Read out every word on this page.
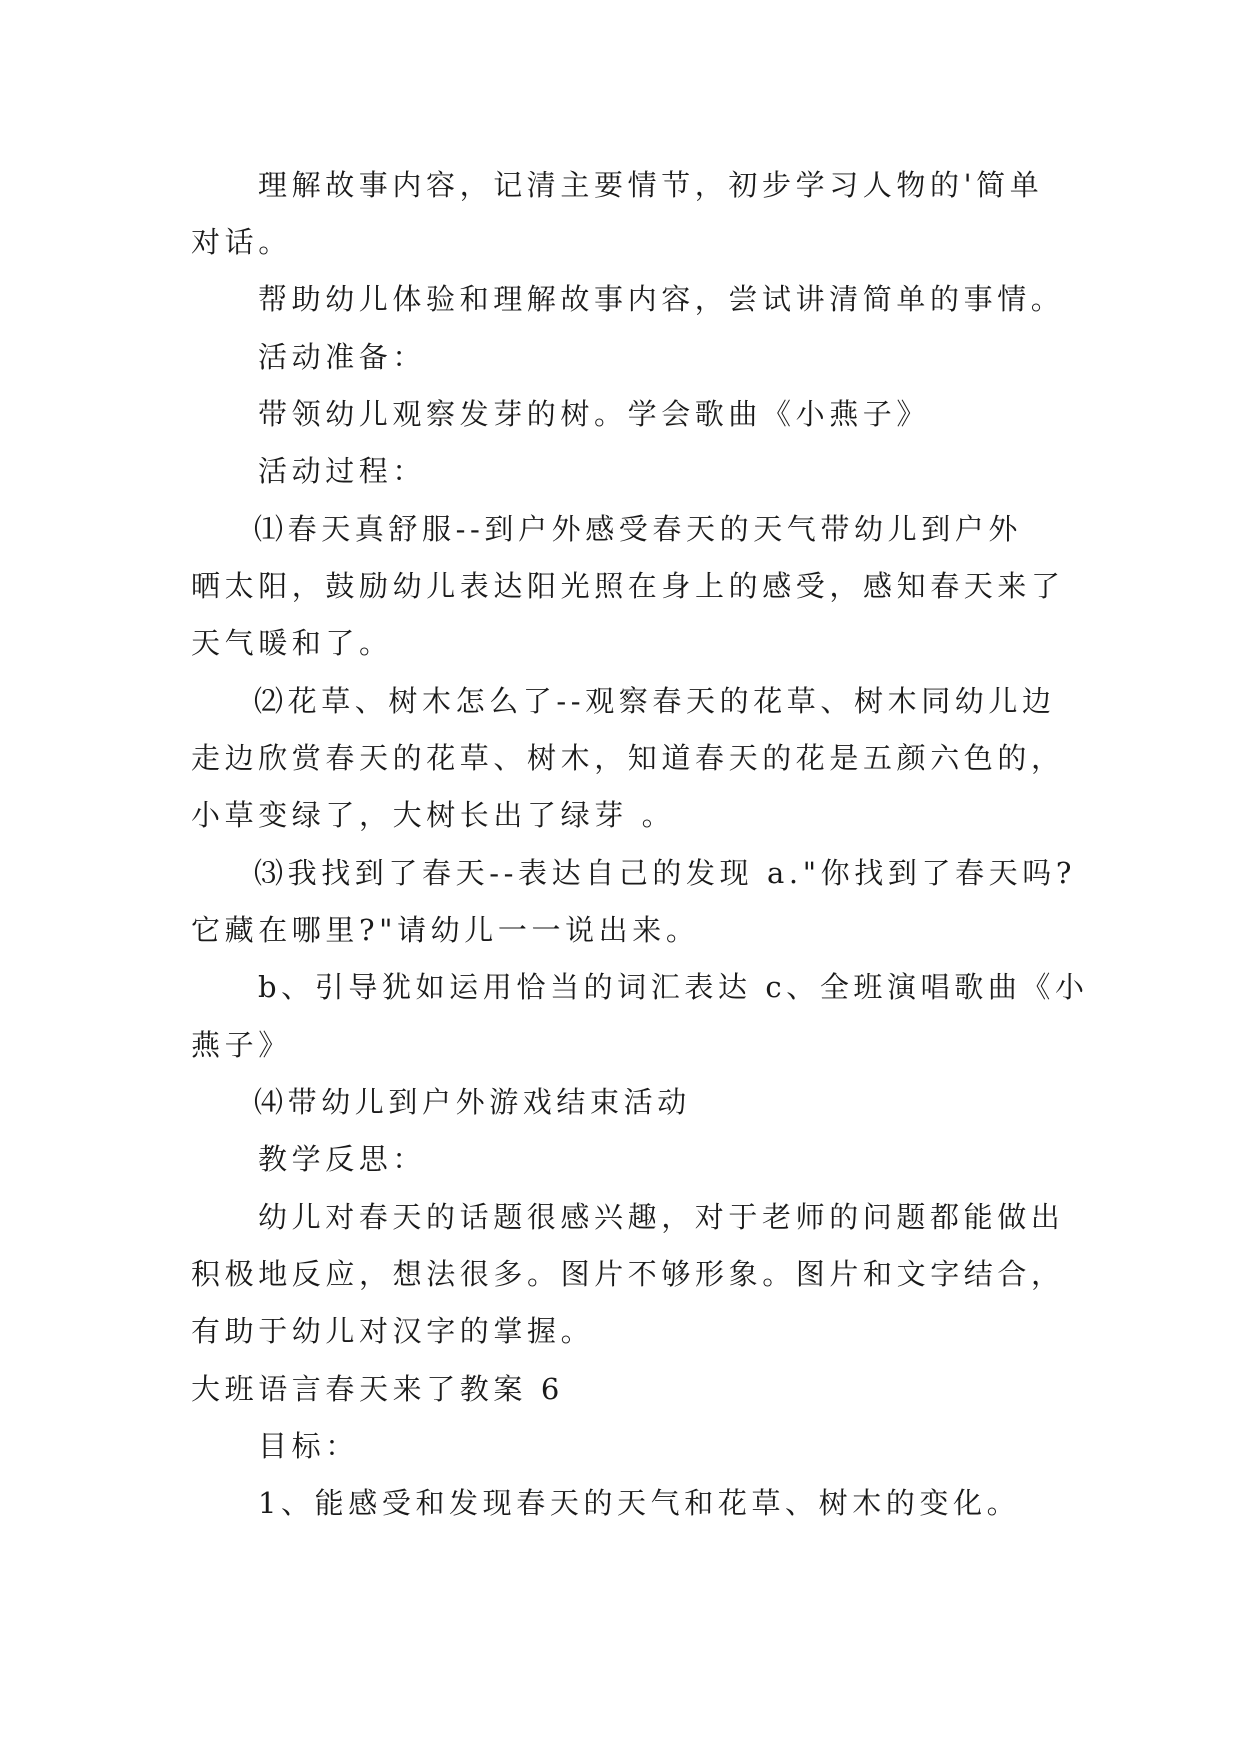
理解故事内容，记清主要情节，初步学习人物的'简单
对话。
帮助幼儿体验和理解故事内容，尝试讲清简单的事情。
活动准备：
带领幼儿观察发芽的树。学会歌曲《小燕子》
活动过程：
⑴春天真舒服--到户外感受春天的天气带幼儿到户外
晒太阳，鼓励幼儿表达阳光照在身上的感受，感知春天来了
天气暖和了。
⑵花草、树木怎么了--观察春天的花草、树木同幼儿边
走边欣赏春天的花草、树木，知道春天的花是五颜六色的，
小草变绿了，大树长出了绿芽 。
⑶我找到了春天--表达自己的发现 a."你找到了春天吗?
它藏在哪里?"请幼儿一一说出来。
b、引导犹如运用恰当的词汇表达 c、全班演唱歌曲《小
燕子》
⑷带幼儿到户外游戏结束活动
教学反思：
幼儿对春天的话题很感兴趣，对于老师的问题都能做出
积极地反应，想法很多。图片不够形象。图片和文字结合，
有助于幼儿对汉字的掌握。
大班语言春天来了教案 6
目标：
1、能感受和发现春天的天气和花草、树木的变化。
